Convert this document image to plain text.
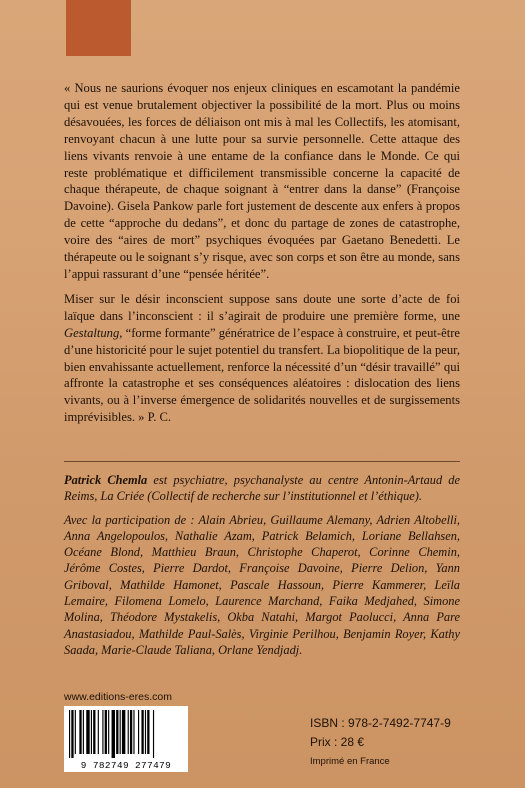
« Nous ne saurions évoquer nos enjeux cliniques en escamotant la pandémie qui est venue brutalement objectiver la possibilité de la mort. Plus ou moins désavouées, les forces de déliaison ont mis à mal les Collectifs, les atomisant, renvoyant chacun à une lutte pour sa survie personnelle. Cette attaque des liens vivants renvoie à une entame de la confiance dans le Monde. Ce qui reste problématique et difficilement transmissible concerne la capacité de chaque thérapeute, de chaque soignant à “entrer dans la danse” (Françoise Davoine). Gisela Pankow parle fort justement de descente aux enfers à propos de cette “approche du dedans”, et donc du partage de zones de catastrophe, voire des “aires de mort” psychiques évoquées par Gaetano Benedetti. Le thérapeute ou le soignant s’y risque, avec son corps et son être au monde, sans l’appui rassurant d’une “pensée héritée”.

Miser sur le désir inconscient suppose sans doute une sorte d’acte de foi laïque dans l’inconscient : il s’agirait de produire une première forme, une Gestaltung, “forme formante” génératrice de l’espace à construire, et peut-être d’une historicité pour le sujet potentiel du transfert. La biopolitique de la peur, bien envahissante actuellement, renforce la nécessité d’un “désir travaillé” qui affronte la catastrophe et ses conséquences aléatoires : dislocation des liens vivants, ou à l’inverse émergence de solidarités nouvelles et de surgissements imprévisibles. » P. C.

Patrick Chemla est psychiatre, psychanalyste au centre Antonin-Artaud de Reims, La Criée (Collectif de recherche sur l’institutionnel et l’éthique).

Avec la participation de : Alain Abrieu, Guillaume Alemany, Adrien Altobelli, Anna Angelopoulos, Nathalie Azam, Patrick Belamich, Loriane Bellahsen, Océane Blond, Matthieu Braun, Christophe Chaperot, Corinne Chemin, Jérôme Costes, Pierre Dardot, Françoise Davoine, Pierre Delion, Yann Griboval, Mathilde Hamonet, Pascale Hassoun, Pierre Kammerer, Leïla Lemaire, Filomena Lomelo, Laurence Marchand, Faika Medjahed, Simone Molina, Théodore Mystakelis, Okba Natahi, Margot Paolucci, Anna Pare Anastasiadou, Mathilde Paul-Salès, Virginie Perilhou, Benjamin Royer, Kathy Saada, Marie-Claude Taliana, Orlane Yendjadj.

www.editions-eres.com
9 782749 277479
ISBN : 978-2-7492-7747-9
Prix : 28 €
Imprimé en France
